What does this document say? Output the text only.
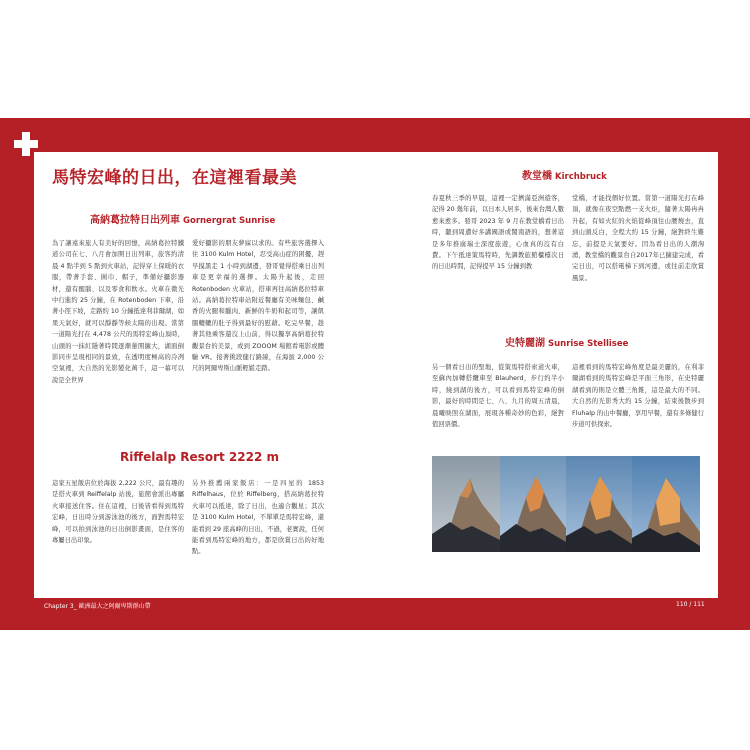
馬特宏峰的日出，在這裡看最美
高納葛拉特日出列車 Gornergrat Sunrise
為了讓遠來旅人有美好的回憶，高納葛拉特鐵道公司在七、八月會加開日出列車，旅客約清晨 4 點半到 5 點到火車站，記得穿上保暖的衣服，帶著手套、圍巾、帽子，準備好攝影器材，還有醒腦、以及零食和飲水。火車在微光中行進約 25 分鐘，在 Rotenboden 下車，沿著小徑下坡，走路約 10 分鐘抵達利菲爾湖，如果天氣好，就可以靜靜等候太陽的出現。當第一道陽光打在 4,478 公尺的馬特宏峰山頂時，山頭的一抹紅隱著時間逐漸暈開擴大，湖面倒影同步呈現相同的景致，在透明度極高的冷冽空氣裡，大自然的光影變化萬千，這一幕可以說是全世界
愛好攝影的朋友夢寐以求的。有些旅客選擇入住 3100 Kulm Hotel，忍受高山症的困擾，趕早摸黑走 1 小時到湖邊，發哥覺得搭乘日出列車是更幸福的選擇。太陽升起後，走回 Rotenboden 火車站，搭車再往高納葛拉特車站。高納葛拉特車站附近餐廳有美味麵包、鹹香的火腿和臘肉、新鮮的牛奶和起司等，讓飢腸轆轆的肚子得到最好的慰藉。吃完早餐，趁著其他乘客還沒上山前，得以獨享高納葛拉特觀景台的美景，或到 ZOOOM 場館看電影或體驗 VR。接著挑段健行路線，在海拔 2,000 公尺的阿爾卑斯山脈輕鬆走踏。
Riffelalp Resort 2222 m
這家五星飯店位於海拔 2,222 公尺，最有趣的是搭火車到 Reiffelalp 站後，旅館會派出專屬火車接送住客。住在這裡，日後皆看得到馬特宏峰，日出時分到游泳池的後方，面對馬特宏峰，可以拍到泳池的日出倒影畫面，是住客的專屬日出印象。
另外推薦兩家飯店：一是四星的 1853 Riffelhaus，位於 Riffelberg，搭高納葛拉特火車可以抵達，除了日出，也適合觀星；其次是 3100 Kulm Hotel，不單單是馬特宏峰，還能看到 29 座高峰的日出，不過，老實說，任何能看到馬特宏峰的地方，都是欣賞日出的好地點。
教堂橋 Kirchbruck
春夏秋三季的早晨，這裡一定擠滿亞洲遊客，記得 20 幾年前，以日本人居多，後來台灣人數愈來愈多。發哥 2023 年 9 月在教堂橋看日出時，聽到周遭好多講國語或閩南語的，想著這是多年推廣瑞士深度旅遊，心血真的沒有白費。下午抵達策馬特時，先調教旅館櫃檯次日的日出時間，記得提早 15 分鐘到教
堂橋，才能找個好位置。當第一道陽光打在峰頂，就像在夜空點燃一支火炬，隨著太陽冉冉升起，有如火紅的火焰從峰頂往山腰燒去，直到山頭反白，全程大約 15 分鐘，絕對終生難忘，前提是天氣要好。因為看日出的人潮洶湧，教堂橋的觀景台自2017年已擴建完成，看完日出，可以搭電梯下到河邊，或往前走欣賞風景。
史特麗湖 Sunrise Stellisee
另一個看日出的聖地，從策馬特搭索道火車，至蘇內加轉搭纜車至 Blauherd，步行約半小時，繞到湖的後方，可以看到馬特宏峰的倒影，最好的時間是七、八、九月的周五清晨，晨曦映照在湖面，展現各種奇妙的色彩，絕對值回票價。
這裡看到的馬特宏峰角度是最美麗的，在利菲爾湖看到的馬特宏峰是平面三角形，在史特麗湖看到的則是立體三角錐，這是最大的不同。大自然的光影秀大約 15 分鐘，結束後散步到 Fluhalp 的山中餐廳，享用早餐，還有多條健行步道可供探索。
Chapter 3_ 歐洲最大之阿爾卑斯群山帶	110 / 111
